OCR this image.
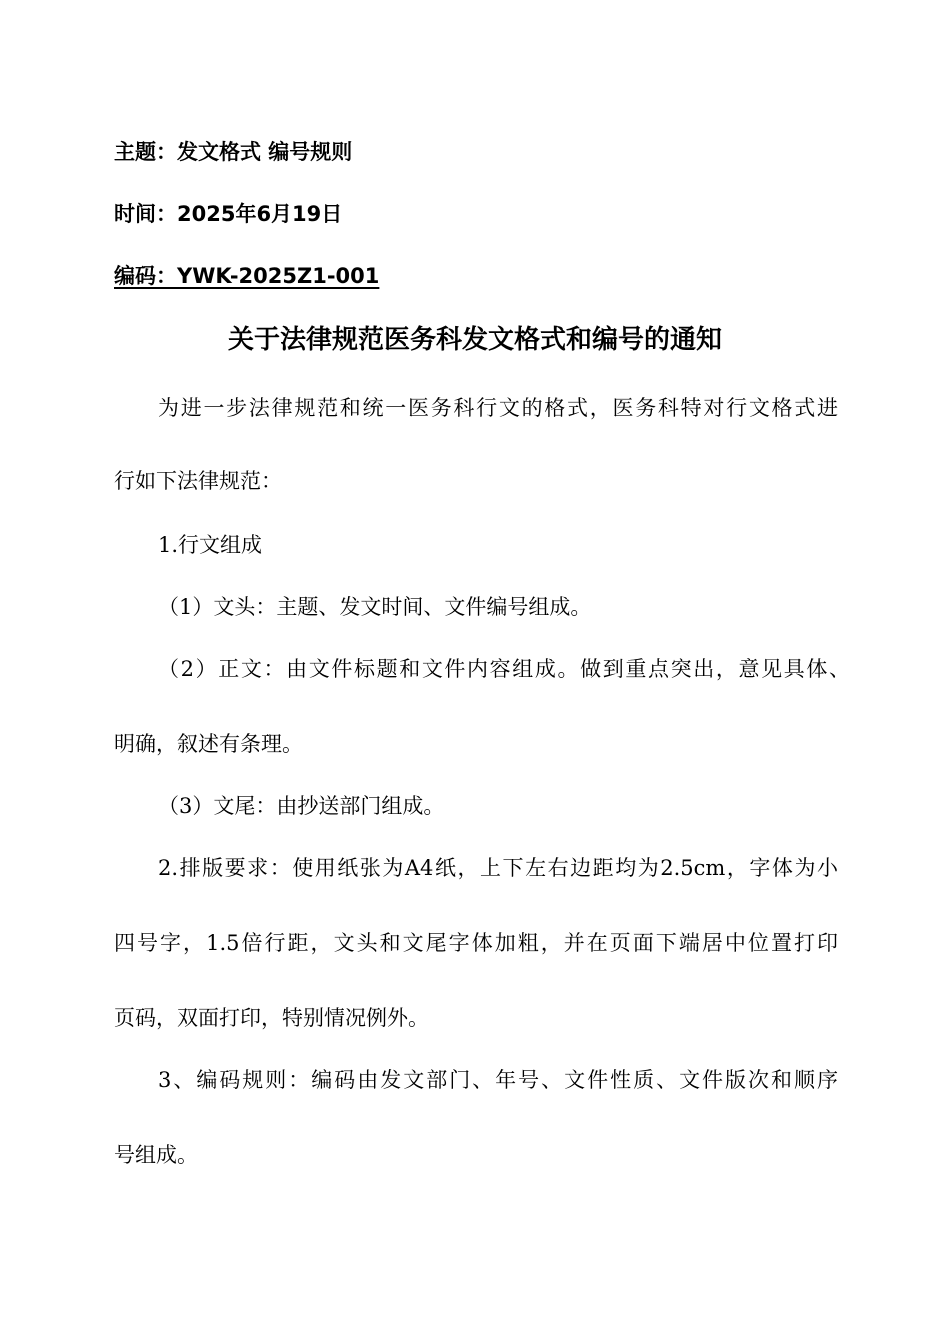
主题：发文格式 编号规则
时间：2025年6月19日
编码：YWK-2025Z1-001
关于法律规范医务科发文格式和编号的通知
为进一步法律规范和统一医务科行文的格式，医务科特对行文格式进
行如下法律规范：
1.行文组成
（1）文头：主题、发文时间、文件编号组成。
（2）正文：由文件标题和文件内容组成。做到重点突出，意见具体、
明确，叙述有条理。
（3）文尾：由抄送部门组成。
2.排版要求：使用纸张为A4纸，上下左右边距均为2.5cm，字体为小
四号字，1.5倍行距，文头和文尾字体加粗，并在页面下端居中位置打印
页码，双面打印，特别情况例外。
3、编码规则：编码由发文部门、年号、文件性质、文件版次和顺序
号组成。
